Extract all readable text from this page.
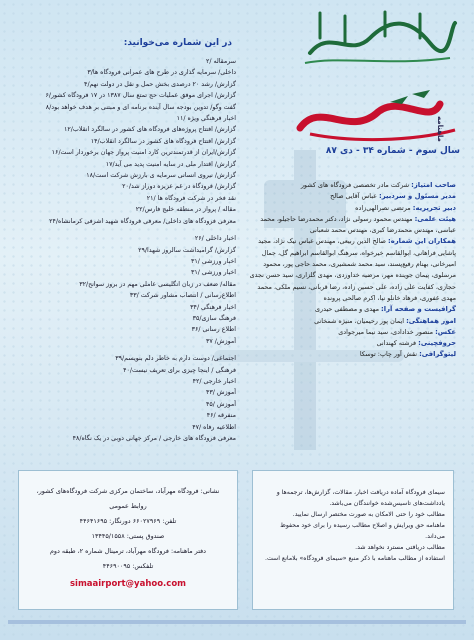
ماهنامه
سال سوم - شماره ۳۴ - دی ۸۷
در این شماره می‌خوانید:
سرمقاله /۲
داخلی/ سرمایه گذاری در طرح های عمرانی فرودگاه ها/۳
گزارش/ رشد ۲۰ درصدی بخش حمل و نقل در دولت نهم/۴
گزارش/ اجرای موفق عملیات حج تمتع سال ۱۳۸۷ در ۱۷ فرودگاه کشور/۶
گفت وگو/ تدوین بودجه سال آینده برنامه ای و مبتنی بر هدف خواهد بود/۸
اخبار فرهنگی ویژه /۱۱
گزارش/ افتتاح پروژه‌های فرودگاه های کشور در سالگرد انقلاب/۱۲
گزارش/ افتتاح فرودگاه های کشور در سالگرد انقلاب/۱۴
گزارش/ایران از قدرتمندترین کارد امنیت پرواز جهان برخوردار است/۱۶
گزارش/ اقتدار ملی در سایه امنیت پدید می آید/۱۷
گزارش/ نیروی انسانی سرمایه ی بارزش شرکت است/۱۸
گزارش/ فرودگاه در غم عزیزه دوراز شد/۲۰
نقد فخر در شرکت فرودگاه ها /۲۱
مقاله / پرواز در منطقه خلیج فارس/۲۲
معرفی فرودگاه های داخلی/ معرفی فرودگاه شهید اشرفی کرمانشاه/۲۴
اخبار داخلی /۲۶
گزارش/ گرامیداشت سالروز شهدا/۲۹
اخبار ورزشی /۳۱
اخبار ورزشی /۳۱
مقاله/ ضعف در زبان انگلیسی عاملی مهم در بروز سوانح/۳۲
اطلاع‌رسانی / انتصاب مشاور شرکت /۳۳
اخبار فرهنگی /۳۴
فرهنگ سازی/۳۵
اطلاع رسانی /۳۶
آموزش/ ۳۷
اجتماعی/ دوست دارم به خاطر دلم بنویسم/۳۹
فرهنگی / اینجا چیزی برای تعریف نیست/۴۰
اخبار خارجی /۴۲
آموزش /۴۳
آموزش /۴۵
منفرقه /۴۶
اطلاعیه رفاه /۴۷
معرفی فرودگاه های خارجی / مرکز جهانی دوبی در یک نگاه/۴۸
صاحب امتیاز: شرکت مادر تخصصی فرودگاه های کشور
مدیر مسئول و سردبیر: عباس آقایی صالح
دبیر تحریریه: مرتضی نصرالهی‌زاده
هیئت علمی: مهندس محمود رسولی نژاد، دکتر محمدرضا حاجیلو، محمد عباسی، مهندس محمدرضا کبری، مهندس محمد شعبانی
همکاران این شماره: صالح الدین ربیعی، مهندس عباس نیک نژاد، مجید پاشایی فراهانی، ابوالقاسم خیرخواه، سرهنگ ابوالقاسم ابراهیم گل، جمال امیرخانی، بهنام رفیع‌پسند، سید محمد شمشیری، محمد حاجی پور، محمود مرسلوی، پیمان جوینده مهر، مرضیه خداوردی، مهدی گلزاری، سید حسن نجدی حجازی، کفایت علی زاده، علی حسین زاده، رضا قربانی، نسیم ملکی، محمد مهدی غفوری، فرهاد خانلو نیا، اکرم صالحی پرونده
گرافیست و صفحه آرا: مهدی و مصطفی حیدری
امور هماهنگی: ایمان پور رحیمیان، منیژه شمخانی
عکس: منصور خدادادی، سید نیما میرجوادی
حروفچینی: فرشته کهندانی
لیتوگرافی: نقش آور چاپ: توسکا

نشانی: فرودگاه مهرآباد، ساختمان مرکزی شرکت فرودگاه‌های کشور،

روابط عمومی

تلفن: ۶۶۰۲۷۹۶۹ دورنگار: ۴۴۶۴۱۶۹۵

صندوق پستی: ۱۳۴۴۵/۱۵۵۸

دفتر ماهنامه: فرودگاه مهرآباد، ترمینال شماره ۲، طبقه دوم

تلفکس: ۴۴۶۹۰۰۹۵

simaairport@yahoo.com

سیمای فرودگاه آماده دریافت اخبار، مقالات، گزارش‌ها، ترجمه‌ها و یادداشت‌های تاسیس‌شده خوانندگان می‌باشد.

مطالب خود را حتی الامکان به صورت مختصر ارسال نمایید.

ماهنامه حق ویرایش و اصلاح مطالب رسیده را برای خود محفوظ می‌داند.

مطالب دریافتی مسترد نخواهد شد.

استفاده از مطالب ماهنامه با ذکر منبع «سیمای فرودگاه» بلامانع است.
